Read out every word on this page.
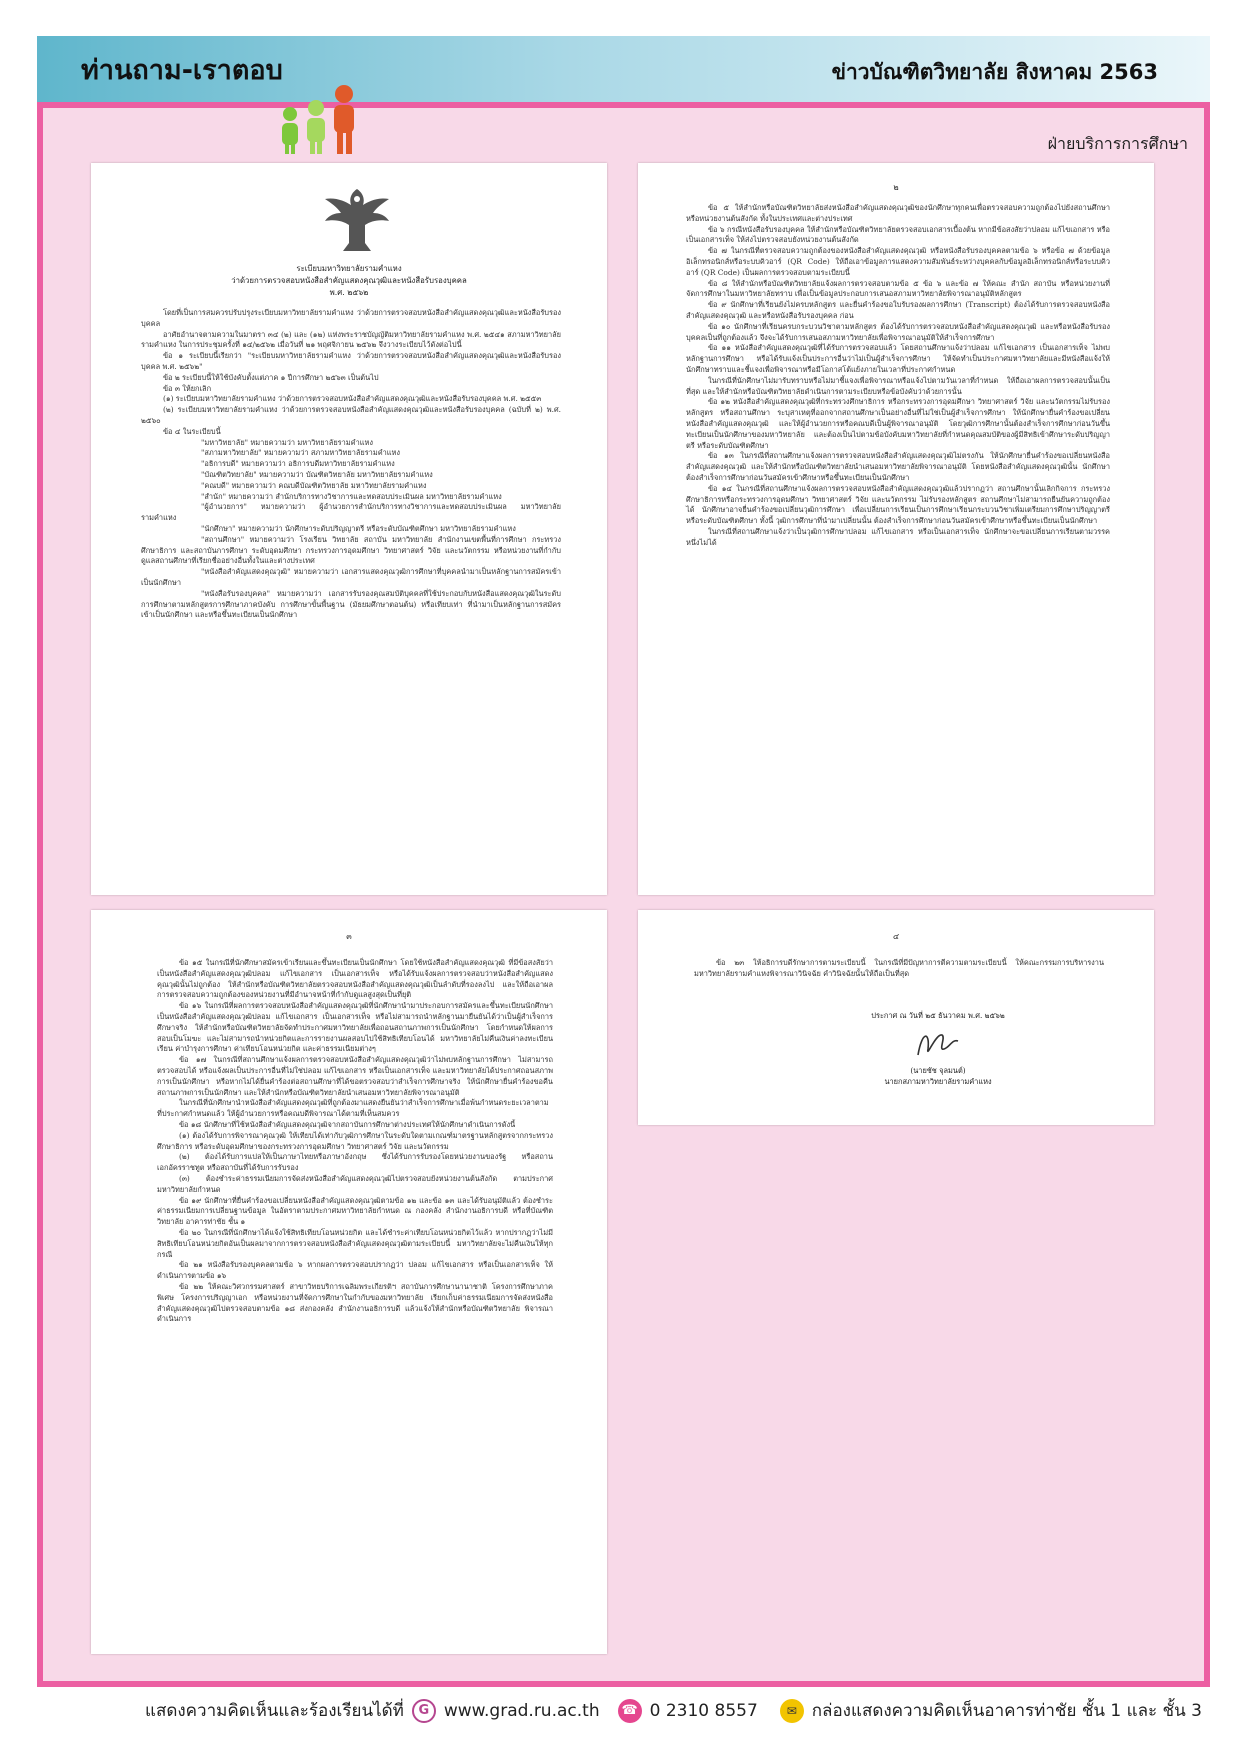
ท่านถาม-เราตอบ	ข่าวบัณฑิตวิทยาลัย สิงหาคม 2563
ฝ่ายบริการการศึกษา
ระเบียบมหาวิทยาลัยรามคำแหง
ว่าด้วยการตรวจสอบหนังสือสำคัญแสดงคุณวุฒิและหนังสือรับรองบุคคล
พ.ศ. ๒๕๖๒

โดยที่เป็นการสมควรปรับปรุงระเบียบมหาวิทยาลัยรามคำแหง ว่าด้วยการตรวจสอบหนังสือสำคัญแสดงคุณวุฒิและหนังสือรับรองบุคคล

อาศัยอำนาจตามความในมาตรา ๓๔ (๒) และ (๑๒) แห่งพระราชบัญญัติมหาวิทยาลัยรามคำแหง พ.ศ. ๒๕๔๑ สภามหาวิทยาลัยรามคำแหง ในการประชุมครั้งที่ ๑๔/๒๕๖๒ เมื่อวันที่ ๒๑ พฤศจิกายน ๒๕๖๒ จึงวางระเบียบไว้ดังต่อไปนี้

ข้อ ๑ ระเบียบนี้เรียกว่า "ระเบียบมหาวิทยาลัยรามคำแหง ว่าด้วยการตรวจสอบหนังสือสำคัญแสดงคุณวุฒิและหนังสือรับรองบุคคล พ.ศ. ๒๕๖๒"

ข้อ ๒ ระเบียบนี้ให้ใช้บังคับตั้งแต่ภาค ๑ ปีการศึกษา ๒๕๖๓ เป็นต้นไป

ข้อ ๓ ให้ยกเลิก

(๑) ระเบียบมหาวิทยาลัยรามคำแหง ว่าด้วยการตรวจสอบหนังสือสำคัญแสดงคุณวุฒิและหนังสือรับรองบุคคล พ.ศ. ๒๕๕๓

(๒) ระเบียบมหาวิทยาลัยรามคำแหง ว่าด้วยการตรวจสอบหนังสือสำคัญแสดงคุณวุฒิและหนังสือรับรองบุคคล (ฉบับที่ ๒) พ.ศ. ๒๕๖๐

ข้อ ๔ ในระเบียบนี้

"มหาวิทยาลัย" หมายความว่า มหาวิทยาลัยรามคำแหง

"สภามหาวิทยาลัย" หมายความว่า สภามหาวิทยาลัยรามคำแหง

"อธิการบดี" หมายความว่า อธิการบดีมหาวิทยาลัยรามคำแหง

"บัณฑิตวิทยาลัย" หมายความว่า บัณฑิตวิทยาลัย มหาวิทยาลัยรามคำแหง

"คณบดี" หมายความว่า คณบดีบัณฑิตวิทยาลัย มหาวิทยาลัยรามคำแหง

"สำนัก" หมายความว่า สำนักบริการทางวิชาการและทดสอบประเมินผล มหาวิทยาลัยรามคำแหง

"ผู้อำนวยการ" หมายความว่า ผู้อำนวยการสำนักบริการทางวิชาการและทดสอบประเมินผล มหาวิทยาลัยรามคำแหง

"นักศึกษา" หมายความว่า นักศึกษาระดับปริญญาตรี หรือระดับบัณฑิตศึกษา มหาวิทยาลัยรามคำแหง

"สถานศึกษา" หมายความว่า โรงเรียน วิทยาลัย สถาบัน มหาวิทยาลัย สำนักงานเขตพื้นที่การศึกษา กระทรวงศึกษาธิการ และสถาบันการศึกษา ระดับอุดมศึกษา กระทรวงการอุดมศึกษา วิทยาศาสตร์ วิจัย และนวัตกรรม หรือหน่วยงานที่กำกับดูแลสถานศึกษาที่เรียกชื่ออย่างอื่นทั้งในและต่างประเทศ

"หนังสือสำคัญแสดงคุณวุฒิ" หมายความว่า เอกสารแสดงคุณวุฒิการศึกษาที่บุคคลนำมาเป็นหลักฐานการสมัครเข้าเป็นนักศึกษา

"หนังสือรับรองบุคคล" หมายความว่า เอกสารรับรองคุณสมบัติบุคคลที่ใช้ประกอบกับหนังสือแสดงคุณวุฒิในระดับการศึกษาตามหลักสูตรการศึกษาภาคบังคับ การศึกษาขั้นพื้นฐาน (มัธยมศึกษาตอนต้น) หรือเทียบเท่า ที่นำมาเป็นหลักฐานการสมัครเข้าเป็นนักศึกษา และหรือขึ้นทะเบียนเป็นนักศึกษา

๒

ข้อ ๕ ให้สำนักหรือบัณฑิตวิทยาลัยส่งหนังสือสำคัญแสดงคุณวุฒิของนักศึกษาทุกคนเพื่อตรวจสอบความถูกต้องไปยังสถานศึกษา หรือหน่วยงานต้นสังกัด ทั้งในประเทศและต่างประเทศ

ข้อ ๖ กรณีหนังสือรับรองบุคคล ให้สำนักหรือบัณฑิตวิทยาลัยตรวจสอบเอกสารเบื้องต้น หากมีข้อสงสัยว่าปลอม แก้ไขเอกสาร หรือเป็นเอกสารเท็จ ให้ส่งไปตรวจสอบยังหน่วยงานต้นสังกัด

ข้อ ๗ ในกรณีที่ตรวจสอบความถูกต้องของหนังสือสำคัญแสดงคุณวุฒิ หรือหนังสือรับรองบุคคลตามข้อ ๖ หรือข้อ ๗ ด้วยข้อมูลอิเล็กทรอนิกส์หรือระบบคิวอาร์ (QR Code) ให้ถือเอาข้อมูลการแสดงความสัมพันธ์ระหว่างบุคคลกับข้อมูลอิเล็กทรอนิกส์หรือระบบคิวอาร์ (QR Code) เป็นผลการตรวจสอบตามระเบียบนี้

ข้อ ๘ ให้สำนักหรือบัณฑิตวิทยาลัยแจ้งผลการตรวจสอบตามข้อ ๕ ข้อ ๖ และข้อ ๗ ให้คณะ สำนัก สถาบัน หรือหน่วยงานที่จัดการศึกษาในมหาวิทยาลัยทราบ เพื่อเป็นข้อมูลประกอบการเสนอสภามหาวิทยาลัยพิจารณาอนุมัติหลักสูตร

ข้อ ๙ นักศึกษาที่เรียนยังไม่ครบหลักสูตร และยื่นคำร้องขอใบรับรองผลการศึกษา (Transcript) ต้องได้รับการตรวจสอบหนังสือสำคัญแสดงคุณวุฒิ และหรือหนังสือรับรองบุคคล ก่อน

ข้อ ๑๐ นักศึกษาที่เรียนครบกระบวนวิชาตามหลักสูตร ต้องได้รับการตรวจสอบหนังสือสำคัญแสดงคุณวุฒิ และหรือหนังสือรับรองบุคคลเป็นที่ถูกต้องแล้ว จึงจะได้รับการเสนอสภามหาวิทยาลัยเพื่อพิจารณาอนุมัติให้สำเร็จการศึกษา

ข้อ ๑๑ หนังสือสำคัญแสดงคุณวุฒิที่ได้รับการตรวจสอบแล้ว โดยสถานศึกษาแจ้งว่าปลอม แก้ไขเอกสาร เป็นเอกสารเท็จ ไม่พบหลักฐานการศึกษา หรือได้รับแจ้งเป็นประการอื่นว่าไม่เป็นผู้สำเร็จการศึกษา ให้จัดทำเป็นประกาศมหาวิทยาลัยและมีหนังสือแจ้งให้นักศึกษาทราบและชี้แจงเพื่อพิจารณาหรือมีโอกาสโต้แย้งภายในเวลาที่ประกาศกำหนด

ในกรณีที่นักศึกษาไม่มารับทราบหรือไม่มาชี้แจงเพื่อพิจารณาหรือแจ้งไปตามวันเวลาที่กำหนด ให้ถือเอาผลการตรวจสอบนั้นเป็นที่สุด และให้สำนักหรือบัณฑิตวิทยาลัยดำเนินการตามระเบียบหรือข้อบังคับว่าด้วยการนั้น

ข้อ ๑๒ หนังสือสำคัญแสดงคุณวุฒิที่กระทรวงศึกษาธิการ หรือกระทรวงการอุดมศึกษา วิทยาศาสตร์ วิจัย และนวัตกรรมไม่รับรองหลักสูตร หรือสถานศึกษา ระบุสาเหตุที่ออกจากสถานศึกษาเป็นอย่างอื่นที่ไม่ใช่เป็นผู้สำเร็จการศึกษา ให้นักศึกษายื่นคำร้องขอเปลี่ยนหนังสือสำคัญแสดงคุณวุฒิ และให้ผู้อำนวยการหรือคณบดีเป็นผู้พิจารณาอนุมัติ โดยวุฒิการศึกษานั้นต้องสำเร็จการศึกษาก่อนวันขึ้นทะเบียนเป็นนักศึกษาของมหาวิทยาลัย และต้องเป็นไปตามข้อบังคับมหาวิทยาลัยที่กำหนดคุณสมบัติของผู้มีสิทธิเข้าศึกษาระดับปริญญาตรี หรือระดับบัณฑิตศึกษา

ข้อ ๑๓ ในกรณีที่สถานศึกษาแจ้งผลการตรวจสอบหนังสือสำคัญแสดงคุณวุฒิไม่ตรงกัน ให้นักศึกษายื่นคำร้องขอเปลี่ยนหนังสือสำคัญแสดงคุณวุฒิ และให้สำนักหรือบัณฑิตวิทยาลัยนำเสนอมหาวิทยาลัยพิจารณาอนุมัติ โดยหนังสือสำคัญแสดงคุณวุฒินั้น นักศึกษาต้องสำเร็จการศึกษาก่อนวันสมัครเข้าศึกษาหรือขึ้นทะเบียนเป็นนักศึกษา

ข้อ ๑๔ ในกรณีที่สถานศึกษาแจ้งผลการตรวจสอบหนังสือสำคัญแสดงคุณวุฒิแล้วปรากฏว่า สถานศึกษานั้นเลิกกิจการ กระทรวงศึกษาธิการหรือกระทรวงการอุดมศึกษา วิทยาศาสตร์ วิจัย และนวัตกรรม ไม่รับรองหลักสูตร สถานศึกษาไม่สามารถยืนยันความถูกต้องได้ นักศึกษาอาจยื่นคำร้องขอเปลี่ยนวุฒิการศึกษา เพื่อเปลี่ยนการเรียนเป็นการศึกษาเรียนกระบวนวิชาเพิ่มเตรียมการศึกษาปริญญาตรีหรือระดับบัณฑิตศึกษา ทั้งนี้ วุฒิการศึกษาที่นำมาเปลี่ยนนั้น ต้องสำเร็จการศึกษาก่อนวันสมัครเข้าศึกษาหรือขึ้นทะเบียนเป็นนักศึกษา

ในกรณีที่สถานศึกษาแจ้งว่าเป็นวุฒิการศึกษาปลอม แก้ไขเอกสาร หรือเป็นเอกสารเท็จ นักศึกษาจะขอเปลี่ยนการเรียนตามวรรคหนึ่งไม่ได้

๓

ข้อ ๑๕ ในกรณีที่นักศึกษาสมัครเข้าเรียนและขึ้นทะเบียนเป็นนักศึกษา โดยใช้หนังสือสำคัญแสดงคุณวุฒิ ที่มีข้อสงสัยว่าเป็นหนังสือสำคัญแสดงคุณวุฒิปลอม แก้ไขเอกสาร เป็นเอกสารเท็จ หรือได้รับแจ้งผลการตรวจสอบว่าหนังสือสำคัญแสดงคุณวุฒินั้นไม่ถูกต้อง ให้สำนักหรือบัณฑิตวิทยาลัยตรวจสอบหนังสือสำคัญแสดงคุณวุฒิเป็นลำดับที่รองลงไป และให้ถือเอาผลการตรวจสอบความถูกต้องของหน่วยงานที่มีอำนาจหน้าที่กำกับดูแลสูงสุดเป็นที่ยุติ

ข้อ ๑๖ ในกรณีที่ผลการตรวจสอบหนังสือสำคัญแสดงคุณวุฒิที่นักศึกษานำมาประกอบการสมัครและขึ้นทะเบียนนักศึกษา เป็นหนังสือสำคัญแสดงคุณวุฒิปลอม แก้ไขเอกสาร เป็นเอกสารเท็จ หรือไม่สามารถนำหลักฐานมายืนยันได้ว่าเป็นผู้สำเร็จการศึกษาจริง ให้สำนักหรือบัณฑิตวิทยาลัยจัดทำประกาศมหาวิทยาลัยเพื่อถอนสถานภาพการเป็นนักศึกษา โดยกำหนดให้ผลการสอบเป็นโมฆะ และไม่สามารถนำหน่วยกิตและการรายงานผลสอบไปใช้สิทธิเทียบโอนได้ มหาวิทยาลัยไม่คืนเงินค่าลงทะเบียนเรียน ค่าบำรุงการศึกษา ค่าเทียบโอนหน่วยกิต และค่าธรรมเนียมต่างๆ

ข้อ ๑๗ ในกรณีที่สถานศึกษาแจ้งผลการตรวจสอบหนังสือสำคัญแสดงคุณวุฒิว่าไม่พบหลักฐานการศึกษา ไม่สามารถตรวจสอบได้ หรือแจ้งผลเป็นประการอื่นที่ไม่ใช่ปลอม แก้ไขเอกสาร หรือเป็นเอกสารเท็จ และมหาวิทยาลัยได้ประกาศถอนสภาพการเป็นนักศึกษา หรือหากไม่ได้ยื่นคำร้องต่อสถานศึกษาที่ได้ขอตรวจสอบว่าสำเร็จการศึกษาจริง ให้นักศึกษายื่นคำร้องขอคืนสถานภาพการเป็นนักศึกษา และให้สำนักหรือบัณฑิตวิทยาลัยนำเสนอมหาวิทยาลัยพิจารณาอนุมัติ

ในกรณีที่นักศึกษานำหนังสือสำคัญแสดงคุณวุฒิที่ถูกต้องมาแสดงยืนยันว่าสำเร็จการศึกษาเมื่อพ้นกำหนดระยะเวลาตามที่ประกาศกำหนดแล้ว ให้ผู้อำนวยการหรือคณบดีพิจารณาได้ตามที่เห็นสมควร

ข้อ ๑๘ นักศึกษาที่ใช้หนังสือสำคัญแสดงคุณวุฒิจากสถาบันการศึกษาต่างประเทศให้นักศึกษาดำเนินการดังนี้

(๑) ต้องได้รับการพิจารณาคุณวุฒิ ให้เทียบได้เท่ากับวุฒิการศึกษาในระดับใดตามเกณฑ์มาตรฐานหลักสูตรจากกระทรวงศึกษาธิการ หรือระดับอุดมศึกษาของกระทรวงการอุดมศึกษา วิทยาศาสตร์ วิจัย และนวัตกรรม

(๒) ต้องได้รับการแปลให้เป็นภาษาไทยหรือภาษาอังกฤษ ซึ่งได้รับการรับรองโดยหน่วยงานของรัฐ หรือสถานเอกอัครราชทูต หรือสถาบันที่ได้รับการรับรอง

(๓) ต้องชำระค่าธรรมเนียมการจัดส่งหนังสือสำคัญแสดงคุณวุฒิไปตรวจสอบยังหน่วยงานต้นสังกัด ตามประกาศมหาวิทยาลัยกำหนด

ข้อ ๑๙ นักศึกษาที่ยื่นคำร้องขอเปลี่ยนหนังสือสำคัญแสดงคุณวุฒิตามข้อ ๑๒ และข้อ ๑๓ และได้รับอนุมัติแล้ว ต้องชำระค่าธรรมเนียมการเปลี่ยนฐานข้อมูล ในอัตราตามประกาศมหาวิทยาลัยกำหนด ณ กองคลัง สำนักงานอธิการบดี หรือที่บัณฑิตวิทยาลัย อาคารท่าชัย ชั้น ๑

ข้อ ๒๐ ในกรณีที่นักศึกษาได้แจ้งใช้สิทธิเทียบโอนหน่วยกิต และได้ชำระค่าเทียบโอนหน่วยกิตไว้แล้ว หากปรากฏว่าไม่มีสิทธิเทียบโอนหน่วยกิตอันเป็นผลมาจากการตรวจสอบหนังสือสำคัญแสดงคุณวุฒิตามระเบียบนี้ มหาวิทยาลัยจะไม่คืนเงินให้ทุกกรณี

ข้อ ๒๑ หนังสือรับรองบุคคลตามข้อ ๖ หากผลการตรวจสอบปรากฏว่า ปลอม แก้ไขเอกสาร หรือเป็นเอกสารเท็จ ให้ดำเนินการตามข้อ ๑๖

ข้อ ๒๒ ให้คณะวิศวกรรมศาสตร์ สาขาวิทยบริการเฉลิมพระเกียรติฯ สถาบันการศึกษานานาชาติ โครงการศึกษาภาคพิเศษ โครงการปริญญาเอก หรือหน่วยงานที่จัดการศึกษาในกำกับของมหาวิทยาลัย เรียกเก็บค่าธรรมเนียมการจัดส่งหนังสือสำคัญแสดงคุณวุฒิไปตรวจสอบตามข้อ ๑๘ ส่งกองคลัง สำนักงานอธิการบดี แล้วแจ้งให้สำนักหรือบัณฑิตวิทยาลัย พิจารณาดำเนินการ

๔

ข้อ ๒๓ ให้อธิการบดีรักษาการตามระเบียบนี้ ในกรณีที่มีปัญหาการตีความตามระเบียบนี้ ให้คณะกรรมการบริหารงานมหาวิทยาลัยรามคำแหงพิจารณาวินิจฉัย คำวินิจฉัยนั้นให้ถือเป็นที่สุด

ประกาศ ณ วันที่ ๒๕ ธันวาคม พ.ศ. ๒๕๖๒
(นายชัช จุลมนต์)
นายกสภามหาวิทยาลัยรามคำแหง
แสดงความคิดเห็นและร้องเรียนได้ที่	G www.grad.ru.ac.th ☎ 0 2310 8557	✉ กล่องแสดงความคิดเห็นอาคารท่าชัย ชั้น 1 และ ชั้น 3
